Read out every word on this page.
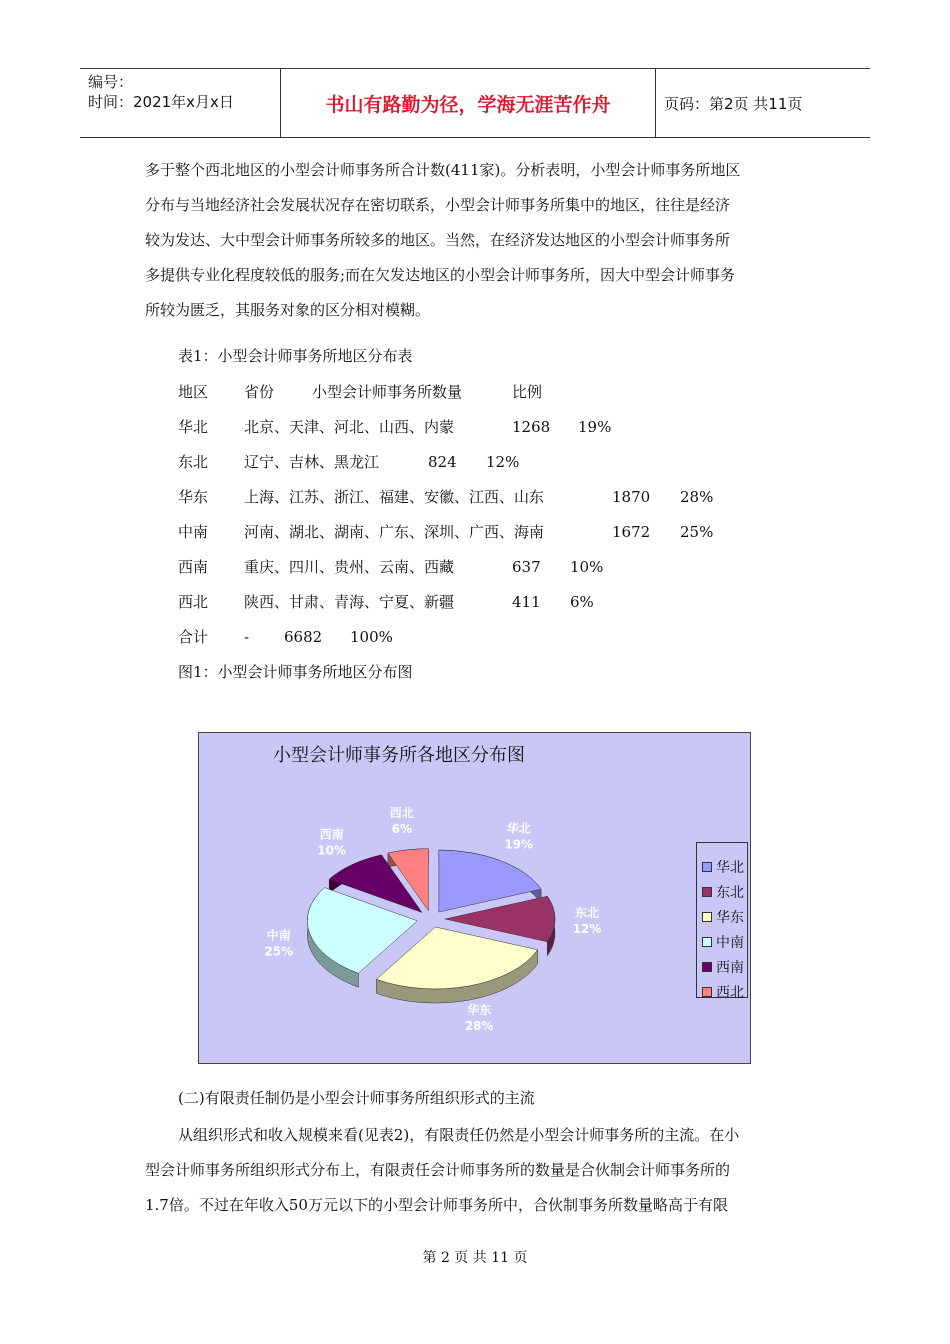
编号：
时间：2021年x月x日	书山有路勤为径，学海无涯苦作舟	页码：第2页 共11页

多于整个西北地区的小型会计师事务所合计数(411家)。分析表明，小型会计师事务所地区

分布与当地经济社会发展状况存在密切联系，小型会计师事务所集中的地区，往往是经济

较为发达、大中型会计师事务所较多的地区。当然，在经济发达地区的小型会计师事务所

多提供专业化程度较低的服务;而在欠发达地区的小型会计师事务所，因大中型会计师事务

所较为匮乏，其服务对象的区分相对模糊。

表1：小型会计师事务所地区分布表
地区 省份	小型会计师事务所数量	比例
华北 北京、天津、河北、山西、内蒙	1268 19%
东北 辽宁、吉林、黑龙江	824 12%
华东 上海、江苏、浙江、福建、安徽、江西、山东	1870 28%
中南 河南、湖北、湖南、广东、深圳、广西、海南	1672 25%
西南 重庆、四川、贵州、云南、西藏	637 10%
西北 陕西、甘肃、青海、宁夏、新疆	411 6%
合计 - 6682 100%
图1：小型会计师事务所地区分布图
小型会计师事务所各地区分布图
华北
19%
东北
12%
华东
28%
中南
25%
西南
10%
西北
6%
华北
东北
华东
中南
西南
西北
(二)有限责任制仍是小型会计师事务所组织形式的主流

从组织形式和收入规模来看(见表2)，有限责任仍然是小型会计师事务所的主流。在小

型会计师事务所组织形式分布上，有限责任会计师事务所的数量是合伙制会计师事务所的

1.7倍。不过在年收入50万元以下的小型会计师事务所中，合伙制事务所数量略高于有限

第 2 页 共 11 页
